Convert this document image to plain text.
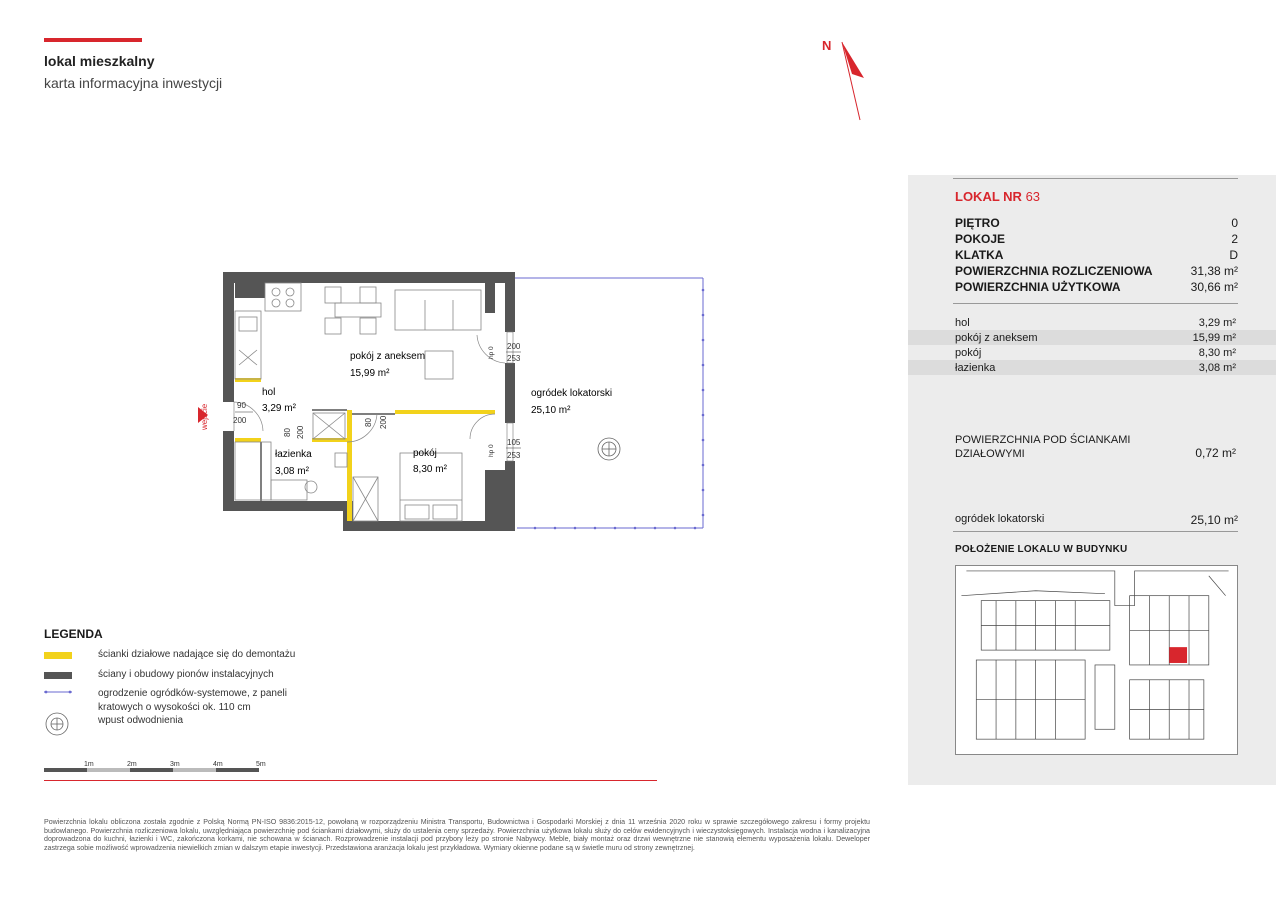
lokal mieszkalny
karta informacyjna inwestycji
N
wejście
pokój z aneksem
15,99 m²
hol
3,29 m²
łazienka
3,08 m²
pokój
8,30 m²
ogródek lokatorski
25,10 m²
90
200
80 200
80 200
200
253
hp 0
105
253
hp 0
LOKAL NR 63
PIĘTRO	0
POKOJE	2
KLATKA	D
POWIERZCHNIA ROZLICZENIOWA	31,38 m²
POWIERZCHNIA UŻYTKOWA	30,66 m²
hol	3,29 m²
pokój z aneksem	15,99 m²
pokój	8,30 m²
łazienka	3,08 m²
POWIERZCHNIA POD ŚCIANKAMI DZIAŁOWYMI	0,72 m²
ogródek lokatorski	25,10 m²
POŁOŻENIE LOKALU W BUDYNKU
LEGENDA
ścianki działowe nadające się do demontażu
ściany i obudowy pionów instalacyjnych
ogrodzenie ogródków-systemowe, z paneli kratowych o wysokości ok. 110 cm
wpust odwodnienia
1m	2m	3m	4m	5m
Powierzchnia lokalu obliczona została zgodnie z Polską Normą PN-ISO 9836:2015-12, powołaną w rozporządzeniu Ministra Transportu, Budownictwa i Gospodarki Morskiej z dnia 11 września 2020 roku w sprawie szczegółowego zakresu i formy projektu budowlanego. Powierzchnia rozliczeniowa lokalu, uwzględniająca powierzchnię pod ściankami działowymi, służy do ustalenia ceny sprzedaży. Powierzchnia użytkowa lokalu służy do celów ewidencyjnych i wieczystoksięgowych. Instalacja wodna i kanalizacyjna doprowadzona do kuchni, łazienki i WC, zakończona korkami, nie schowana w ścianach. Rozprowadzenie instalacji pod przybory leży po stronie Nabywcy. Meble, biały montaż oraz drzwi wewnętrzne nie stanowią elementu wyposażenia lokalu. Deweloper zastrzega sobie możliwość wprowadzenia niewielkich zmian w dalszym etapie inwestycji. Przedstawiona aranżacja lokalu jest przykładowa. Wymiary okienne podane są w świetle muru od strony zewnętrznej.
